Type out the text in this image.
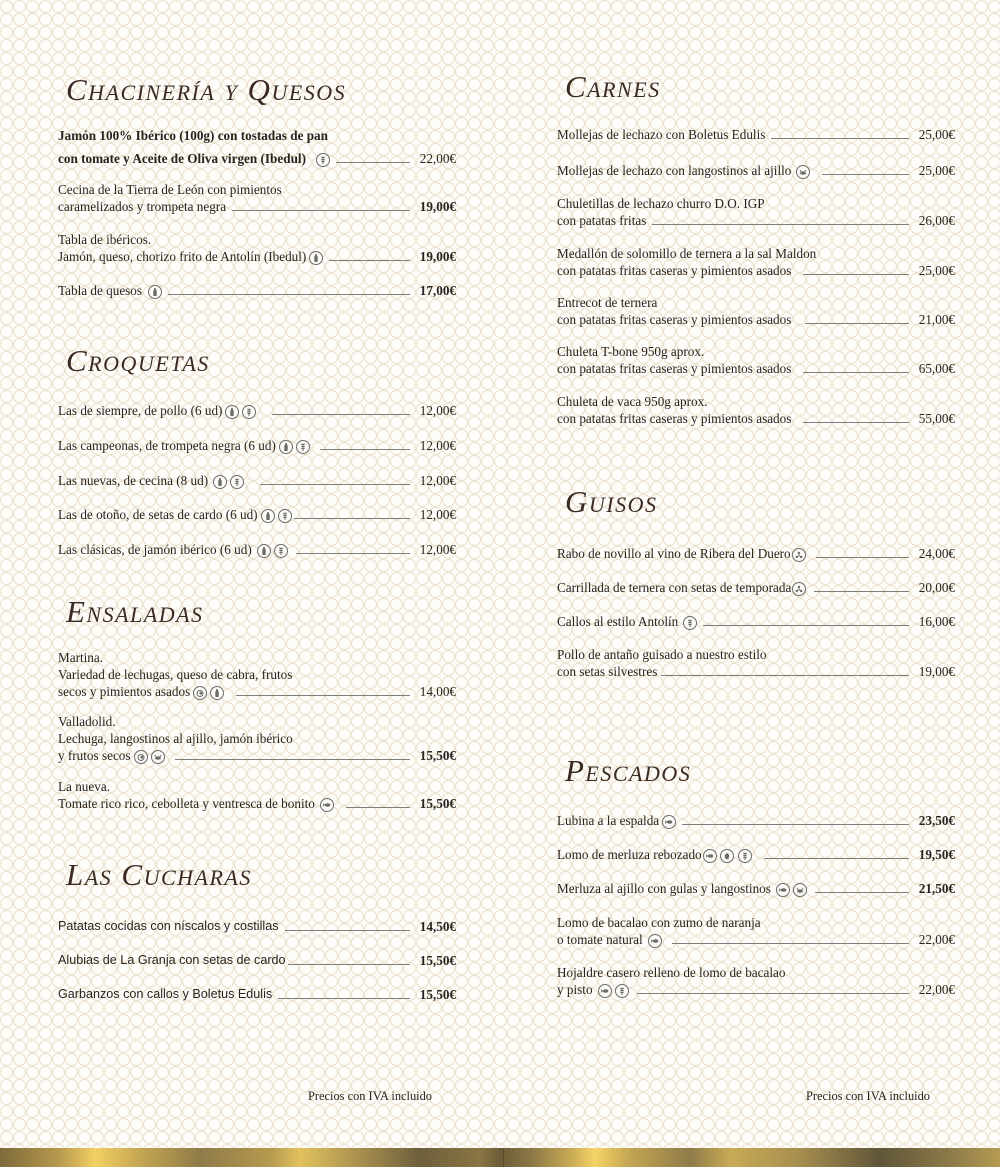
Chacinería y Quesos
Jamón 100% Ibérico (100g) con tostadas de pan
con tomate y Aceite de Oliva virgen (Ibedul)	22,00€
Cecina de la Tierra de León con pimientos
caramelizados y trompeta negra	19,00€
Tabla de ibéricos.
Jamón, queso, chorizo frito de Antolín (Ibedul)	19,00€
Tabla de quesos	17,00€
Croquetas
Las de siempre, de pollo (6 ud)	12,00€
Las campeonas, de trompeta negra (6 ud)	12,00€
Las nuevas, de cecina (8 ud)	12,00€
Las de otoño, de setas de cardo (6 ud)	12,00€
Las clásicas, de jamón ibérico (6 ud)	12,00€
Ensaladas
Martina.
Variedad de lechugas, queso de cabra, frutos
secos y pimientos asados	14,00€
Valladolid.
Lechuga, langostinos al ajillo, jamón ibérico
y frutos secos	15,50€
La nueva.
Tomate rico rico, cebolleta y ventresca de bonito	15,50€
Las Cucharas
Patatas cocidas con níscalos y costillas	14,50€
Alubias de La Granja con setas de cardo	15,50€
Garbanzos con callos y Boletus Edulis	15,50€
Precios con IVA incluido
Carnes
Mollejas de lechazo con Boletus Edulis	25,00€
Mollejas de lechazo con langostinos al ajillo	25,00€
Chuletillas de lechazo churro D.O. IGP
con patatas fritas	26,00€
Medallón de solomillo de ternera a la sal Maldon
con patatas fritas caseras y pimientos asados	25,00€
Entrecot de ternera
con patatas fritas caseras y pimientos asados	21,00€
Chuleta T-bone 950g aprox.
con patatas fritas caseras y pimientos asados	65,00€
Chuleta de vaca 950g aprox.
con patatas fritas caseras y pimientos asados	55,00€
Guisos
Rabo de novillo al vino de Ribera del Duero	24,00€
Carrillada de ternera con setas de temporada	20,00€
Callos al estilo Antolín	16,00€
Pollo de antaño guisado a nuestro estilo
con setas silvestres	19,00€
Pescados
Lubina a la espalda	23,50€
Lomo de merluza rebozado	19,50€
Merluza al ajillo con gulas y langostinos	21,50€
Lomo de bacalao con zumo de naranja
o tomate natural	22,00€
Hojaldre casero relleno de lomo de bacalao
y pisto	22,00€
Precios con IVA incluido
